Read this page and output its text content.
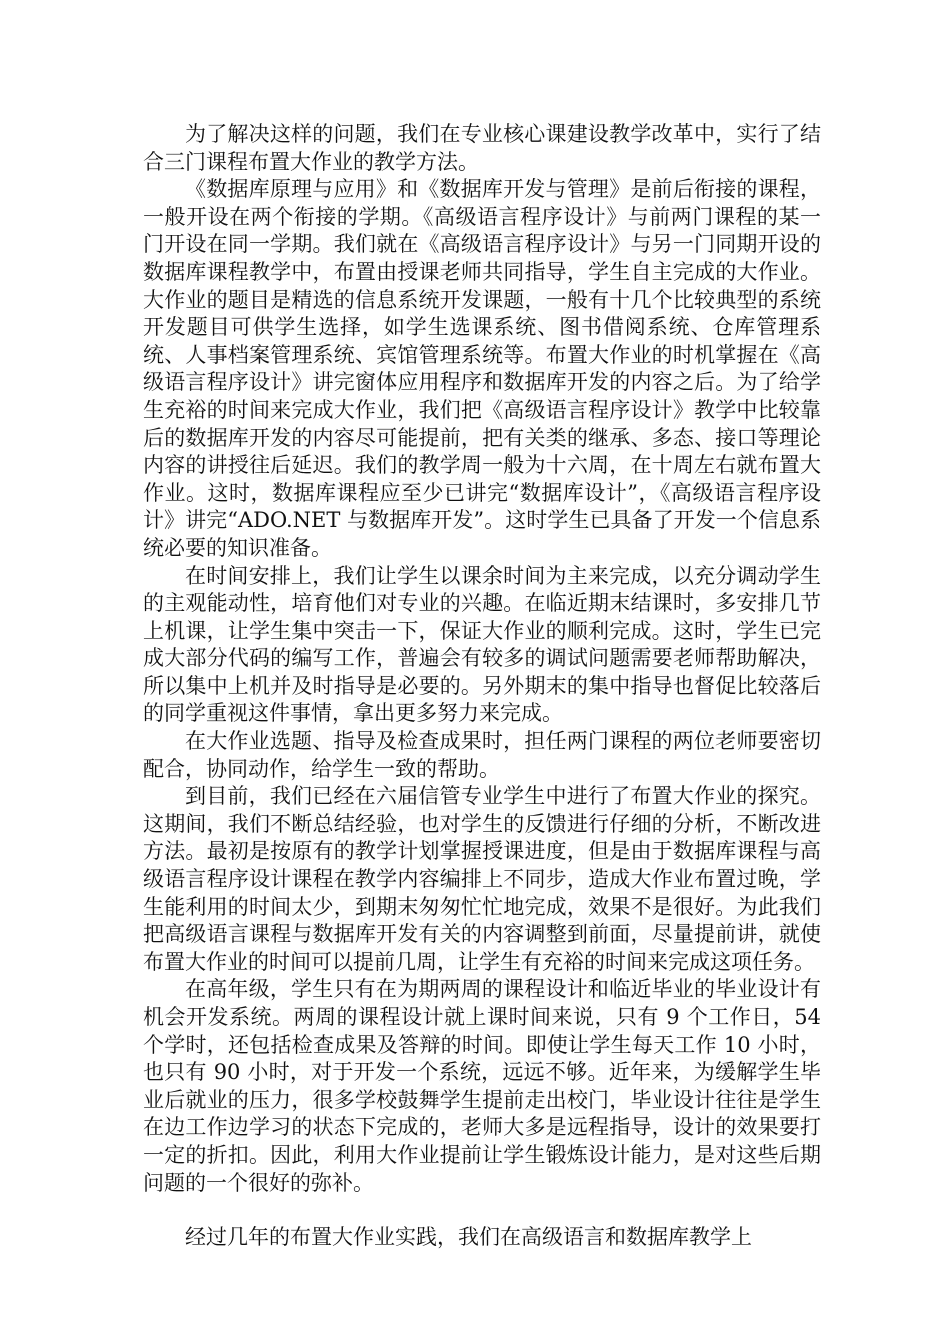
为了解决这样的问题，我们在专业核心课建设教学改革中，实行了结合三门课程布置大作业的教学方法。

《数据库原理与应用》和《数据库开发与管理》是前后衔接的课程，一般开设在两个衔接的学期。《高级语言程序设计》与前两门课程的某一门开设在同一学期。我们就在《高级语言程序设计》与另一门同期开设的数据库课程教学中，布置由授课老师共同指导，学生自主完成的大作业。大作业的题目是精选的信息系统开发课题，一般有十几个比较典型的系统开发题目可供学生选择，如学生选课系统、图书借阅系统、仓库管理系统、人事档案管理系统、宾馆管理系统等。布置大作业的时机掌握在《高级语言程序设计》讲完窗体应用程序和数据库开发的内容之后。为了给学生充裕的时间来完成大作业，我们把《高级语言程序设计》教学中比较靠后的数据库开发的内容尽可能提前，把有关类的继承、多态、接口等理论内容的讲授往后延迟。我们的教学周一般为十六周，在十周左右就布置大作业。这时，数据库课程应至少已讲完“数据库设计”，《高级语言程序设计》讲完“ADO.NET 与数据库开发”。这时学生已具备了开发一个信息系统必要的知识准备。

在时间安排上，我们让学生以课余时间为主来完成，以充分调动学生的主观能动性，培育他们对专业的兴趣。在临近期末结课时，多安排几节上机课，让学生集中突击一下，保证大作业的顺利完成。这时，学生已完成大部分代码的编写工作，普遍会有较多的调试问题需要老师帮助解决，所以集中上机并及时指导是必要的。另外期末的集中指导也督促比较落后的同学重视这件事情，拿出更多努力来完成。

在大作业选题、指导及检查成果时，担任两门课程的两位老师要密切配合，协同动作，给学生一致的帮助。

到目前，我们已经在六届信管专业学生中进行了布置大作业的探究。这期间，我们不断总结经验，也对学生的反馈进行仔细的分析，不断改进方法。最初是按原有的教学计划掌握授课进度，但是由于数据库课程与高级语言程序设计课程在教学内容编排上不同步，造成大作业布置过晚，学生能利用的时间太少，到期末匆匆忙忙地完成，效果不是很好。为此我们把高级语言课程与数据库开发有关的内容调整到前面，尽量提前讲，就使布置大作业的时间可以提前几周，让学生有充裕的时间来完成这项任务。

在高年级，学生只有在为期两周的课程设计和临近毕业的毕业设计有机会开发系统。两周的课程设计就上课时间来说，只有 9 个工作日，54 个学时，还包括检查成果及答辩的时间。即使让学生每天工作 10 小时，也只有 90 小时，对于开发一个系统，远远不够。近年来，为缓解学生毕业后就业的压力，很多学校鼓舞学生提前走出校门，毕业设计往往是学生在边工作边学习的状态下完成的，老师大多是远程指导，设计的效果要打一定的折扣。因此，利用大作业提前让学生锻炼设计能力，是对这些后期问题的一个很好的弥补。

经过几年的布置大作业实践，我们在高级语言和数据库教学上
